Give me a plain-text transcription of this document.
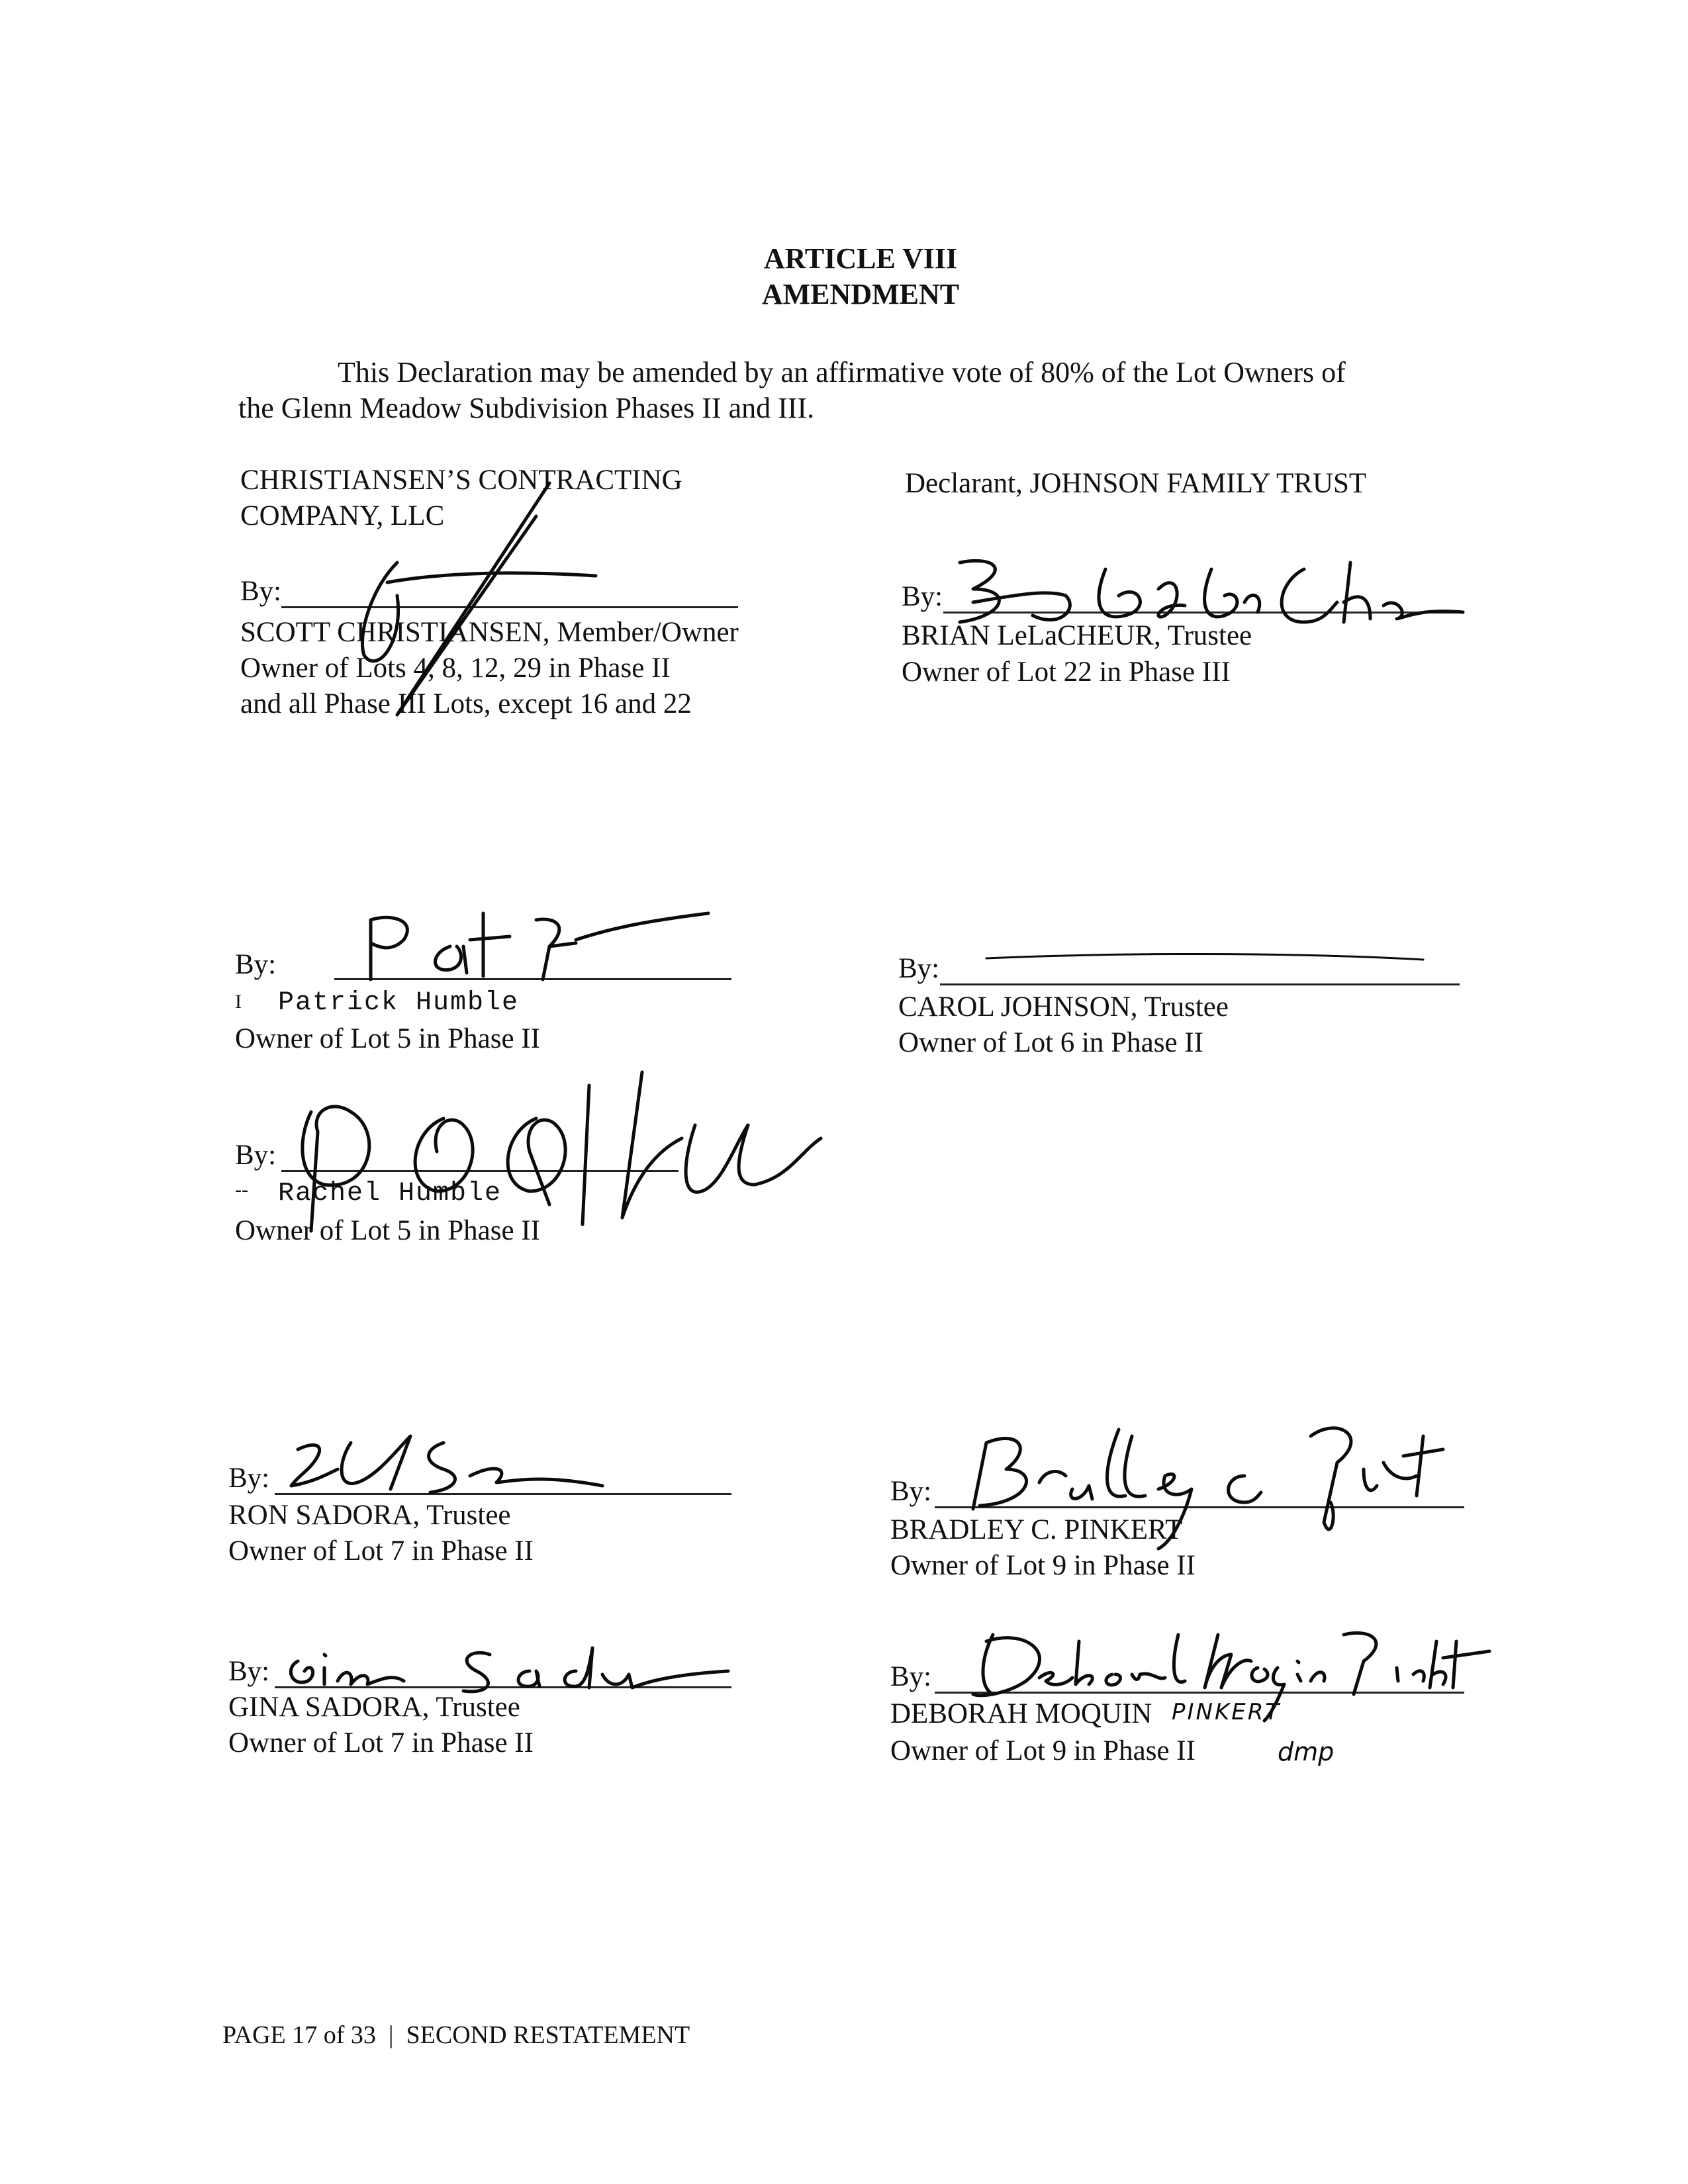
ARTICLE VIII
AMENDMENT
This Declaration may be amended by an affirmative vote of 80% of the Lot Owners of
the Glenn Meadow Subdivision Phases II and III.
CHRISTIANSEN’S CONTRACTING
COMPANY, LLC
By:
SCOTT CHRISTIANSEN, Member/Owner
Owner of Lots 4, 8, 12, 29 in Phase II
and all Phase III Lots, except 16 and 22
Declarant, JOHNSON FAMILY TRUST
By:
BRIAN LeLaCHEUR, Trustee
Owner of Lot 22 in Phase III
By:
I Patrick Humble
Owner of Lot 5 in Phase II
By:
CAROL JOHNSON, Trustee
Owner of Lot 6 in Phase II
By:
-- Rachel Humble
Owner of Lot 5 in Phase II
By:
RON SADORA, Trustee
Owner of Lot 7 in Phase II
By:
BRADLEY C. PINKERT
Owner of Lot 9 in Phase II
By:
GINA SADORA, Trustee
Owner of Lot 7 in Phase II
By:
DEBORAH MOQUIN
Owner of Lot 9 in Phase II
PINKERT
dmp
PAGE 17 of 33  |  SECOND RESTATEMENT
